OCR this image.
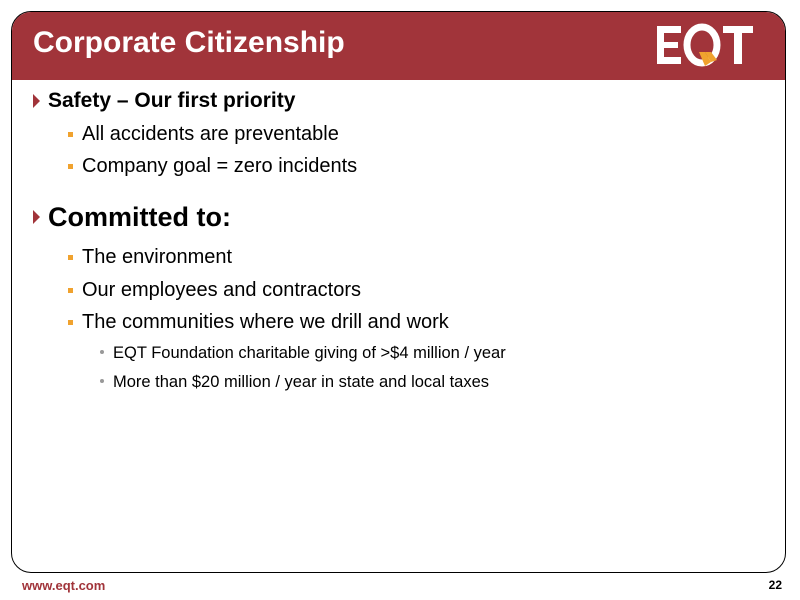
Corporate Citizenship
Safety – Our first priority
All accidents are preventable
Company goal = zero incidents
Committed to:
The environment
Our employees and contractors
The communities where we drill and work
EQT Foundation charitable giving of >$4 million / year
More than $20 million / year in state and local taxes
www.eqt.com	22
